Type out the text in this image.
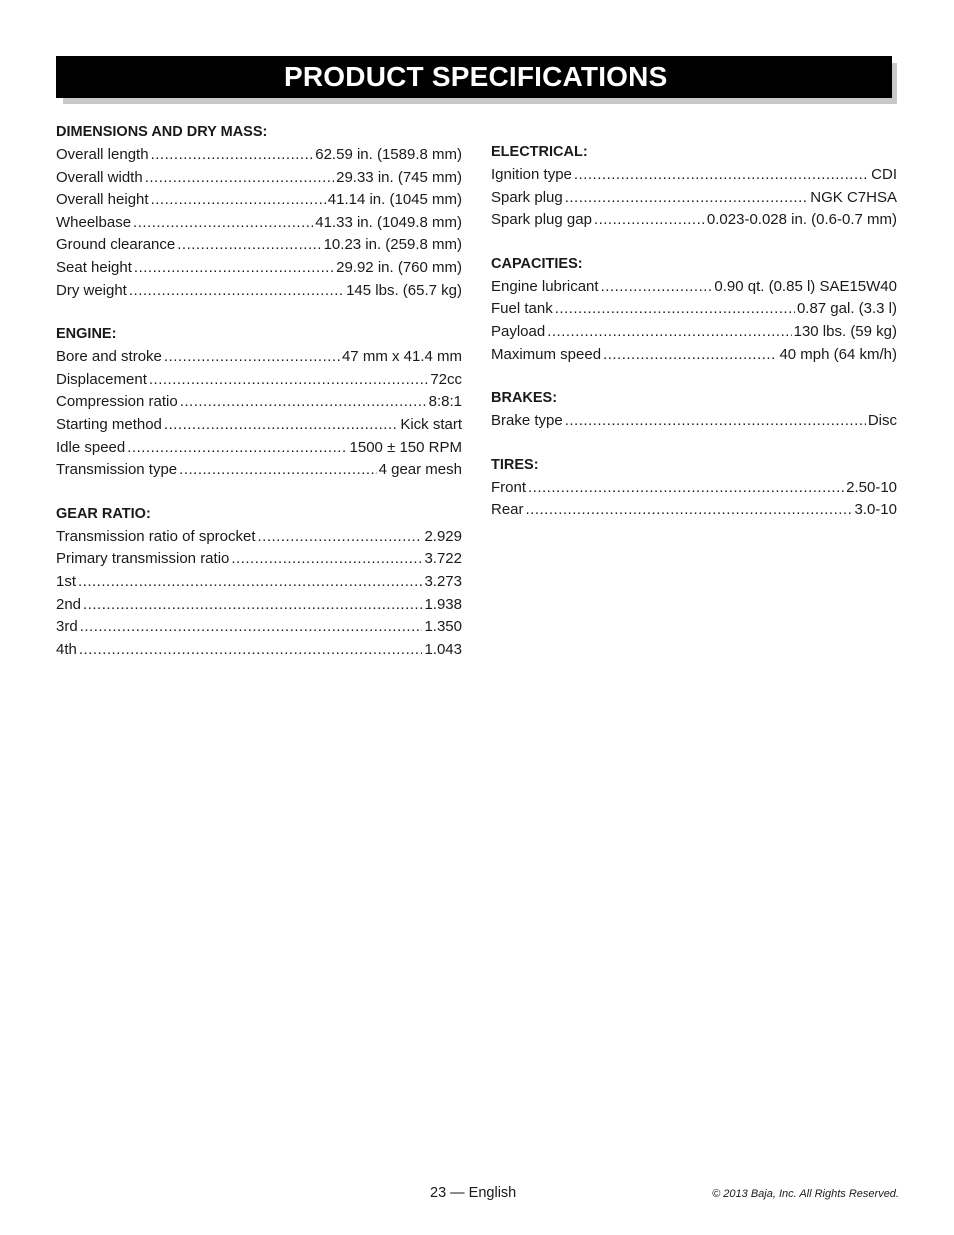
PRODUCT SPECIFICATIONS
DIMENSIONS AND DRY MASS:
Overall length .....	62.59 in. (1589.8 mm)
Overall width .....	29.33 in. (745 mm)
Overall height .....	41.14 in. (1045 mm)
Wheelbase .....	41.33 in. (1049.8 mm)
Ground clearance .....	10.23 in. (259.8 mm)
Seat height .....	29.92 in. (760 mm)
Dry weight .....	145 lbs. (65.7 kg)
ENGINE:
Bore and stroke .....	47 mm x 41.4 mm
Displacement .....	72cc
Compression ratio .....	8:8:1
Starting method .....	Kick start
Idle speed .....	1500 ± 150 RPM
Transmission type .....	4 gear mesh
GEAR RATIO:
Transmission ratio of sprocket .....	2.929
Primary transmission ratio .....	3.722
1st .....	3.273
2nd .....	1.938
3rd .....	1.350
4th .....	1.043
ELECTRICAL:
Ignition type .....	CDI
Spark plug .....	NGK C7HSA
Spark plug gap .....	0.023-0.028 in. (0.6-0.7 mm)
CAPACITIES:
Engine lubricant .....	0.90 qt. (0.85 l) SAE15W40
Fuel tank .....	0.87 gal. (3.3 l)
Payload .....	130 lbs. (59 kg)
Maximum speed .....	40 mph (64 km/h)
BRAKES:
Brake type .....	Disc
TIRES:
Front .....	2.50-10
Rear .....	3.0-10
23 — English	© 2013 Baja, Inc. All Rights Reserved.
